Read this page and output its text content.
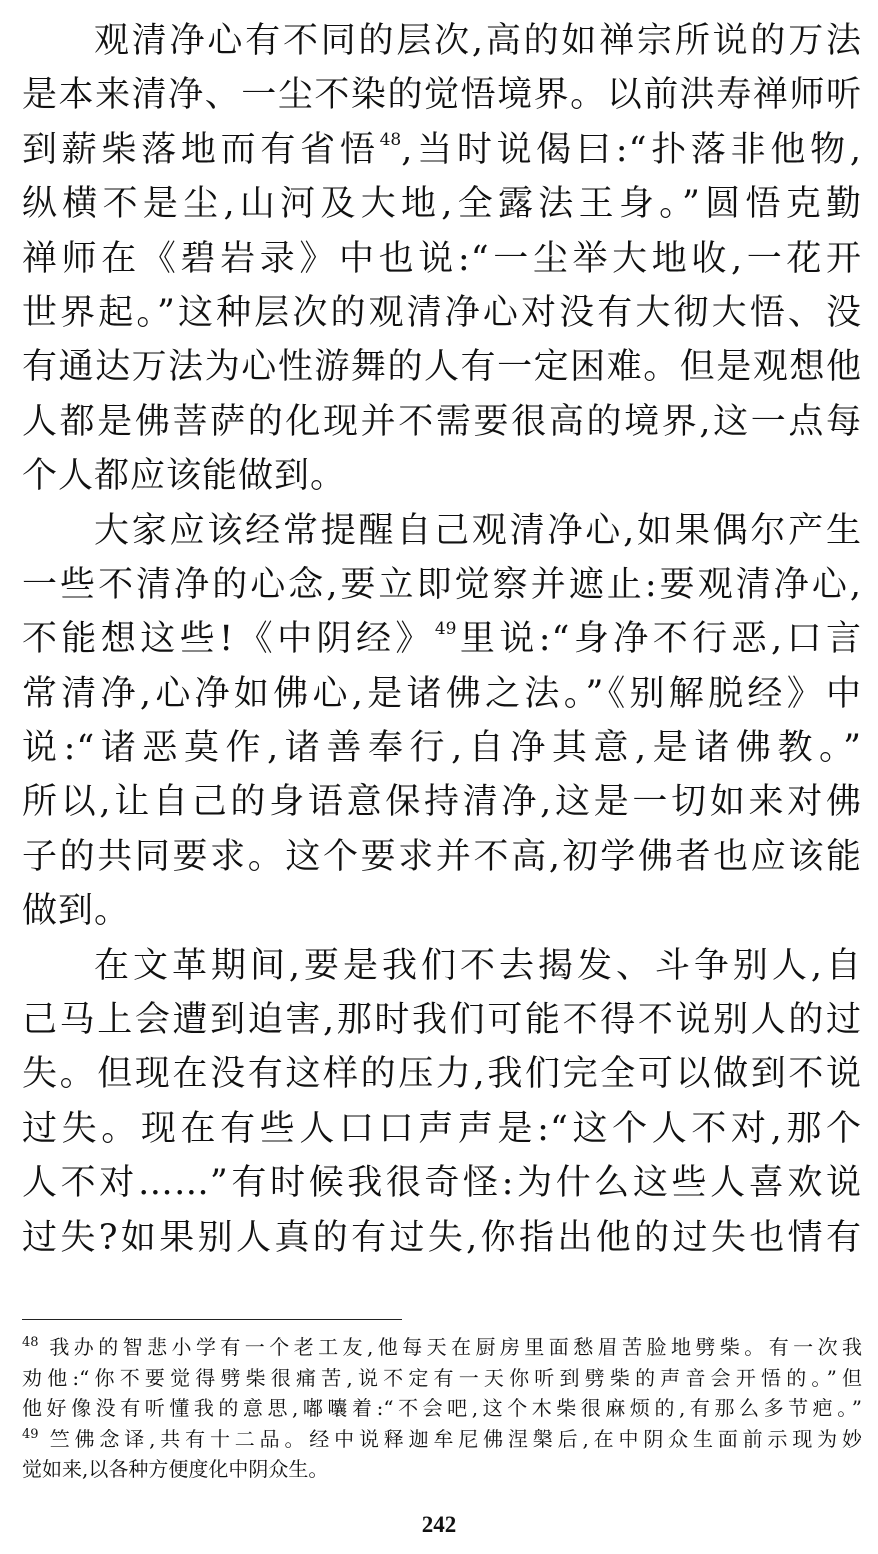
观清净心有不同的层次,高的如禅宗所说的万法
是本来清净、一尘不染的觉悟境界。以前洪寿禅师听
到薪柴落地而有省悟$^{48}$,当时说偈曰:“扑落非他物,
纵横不是尘,山河及大地,全露法王身。”圆悟克勤
禅师在《碧岩录》中也说:“一尘举大地收,一花开
世界起。”这种层次的观清净心对没有大彻大悟、没
有通达万法为心性游舞的人有一定困难。但是观想他
人都是佛菩萨的化现并不需要很高的境界,这一点每
个人都应该能做到。
大家应该经常提醒自己观清净心,如果偶尔产生
一些不清净的心念,要立即觉察并遮止:要观清净心,
不能想这些!《中阴经》$^{49}$里说:“身净不行恶,口言
常清净,心净如佛心,是诸佛之法。”《别解脱经》中
说:“诸恶莫作,诸善奉行,自净其意,是诸佛教。”
所以,让自己的身语意保持清净,这是一切如来对佛
子的共同要求。这个要求并不高,初学佛者也应该能
做到。
在文革期间,要是我们不去揭发、斗争别人,自
己马上会遭到迫害,那时我们可能不得不说别人的过
失。但现在没有这样的压力,我们完全可以做到不说
过失。现在有些人口口声声是:“这个人不对,那个
人不对……”有时候我很奇怪:为什么这些人喜欢说
过失?如果别人真的有过失,你指出他的过失也情有
$^{48}$ 我办的智悲小学有一个老工友,他每天在厨房里面愁眉苦脸地劈柴。有一次我
劝他:“你不要觉得劈柴很痛苦,说不定有一天你听到劈柴的声音会开悟的。”但
他好像没有听懂我的意思,嘟囔着:“不会吧,这个木柴很麻烦的,有那么多节疤。”
$^{49}$ 竺佛念译,共有十二品。经中说释迦牟尼佛涅槃后,在中阴众生面前示现为妙
觉如来,以各种方便度化中阴众生。
242
